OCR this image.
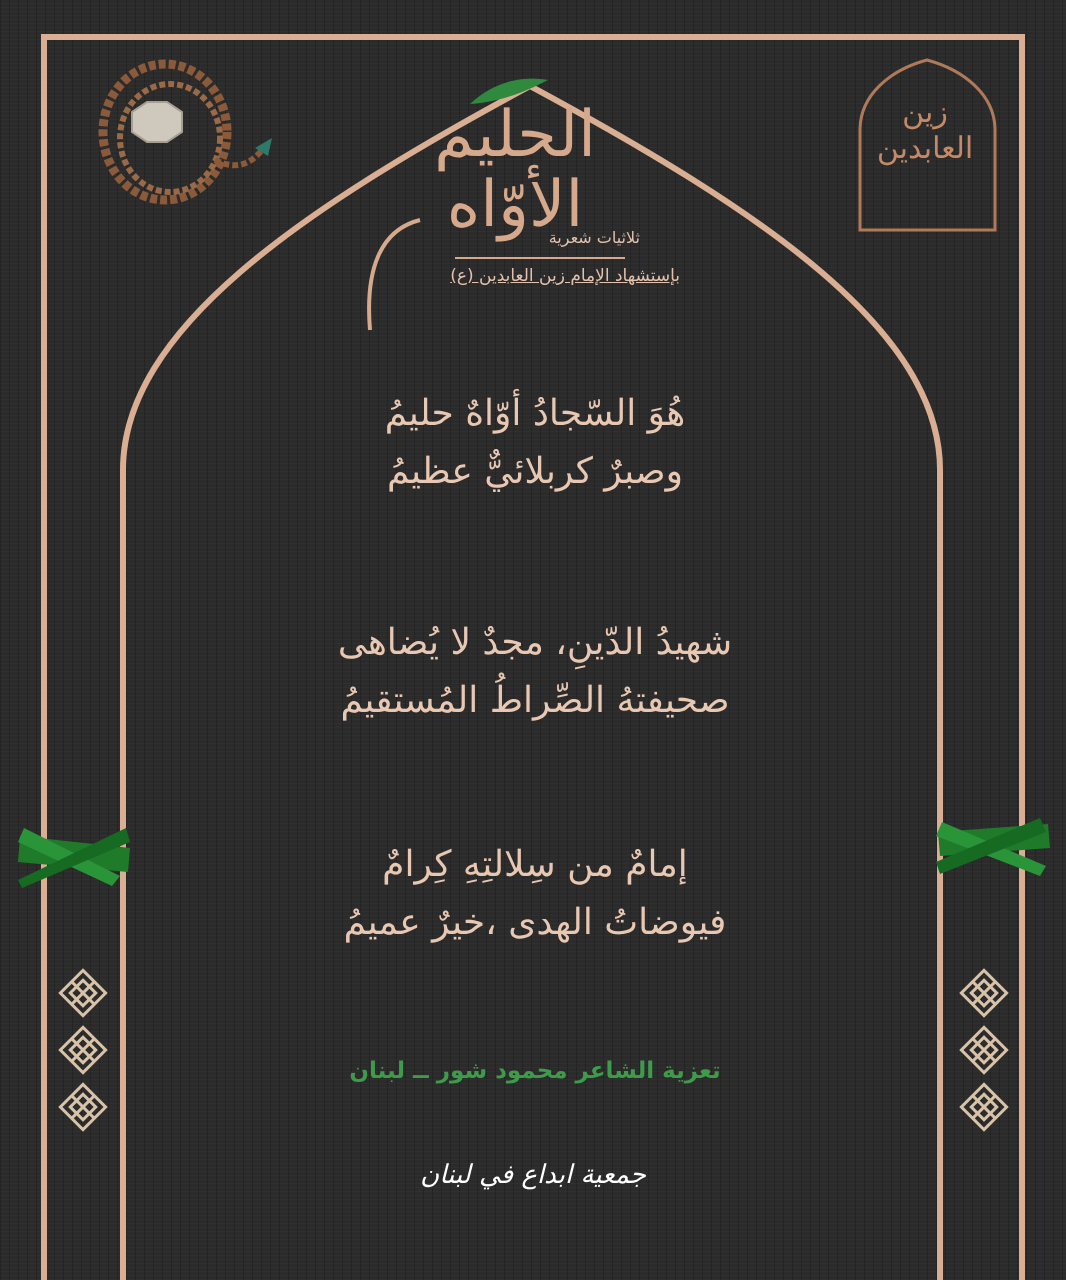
زين العابدين
الحليم الأوّاه
ثلاثيات شعرية
بإستشهاد الإمام زين العابدين (ع)
هُوَ السّجادُ أوّاهٌ حليمُ
وصبرٌ كربلائيٌّ عظيمُ
شهيدُ الدّينِ، مجدٌ لا يُضاهى
صحيفتهُ الصِّراطُ المُستقيمُ
إمامٌ من سِلالتِهِ كِرامٌ
فيوضاتُ الهدى ،خيرٌ عميمُ
تعزية الشاعر محمود شور ــ لبنان
جمعية ابداع في لبنان
